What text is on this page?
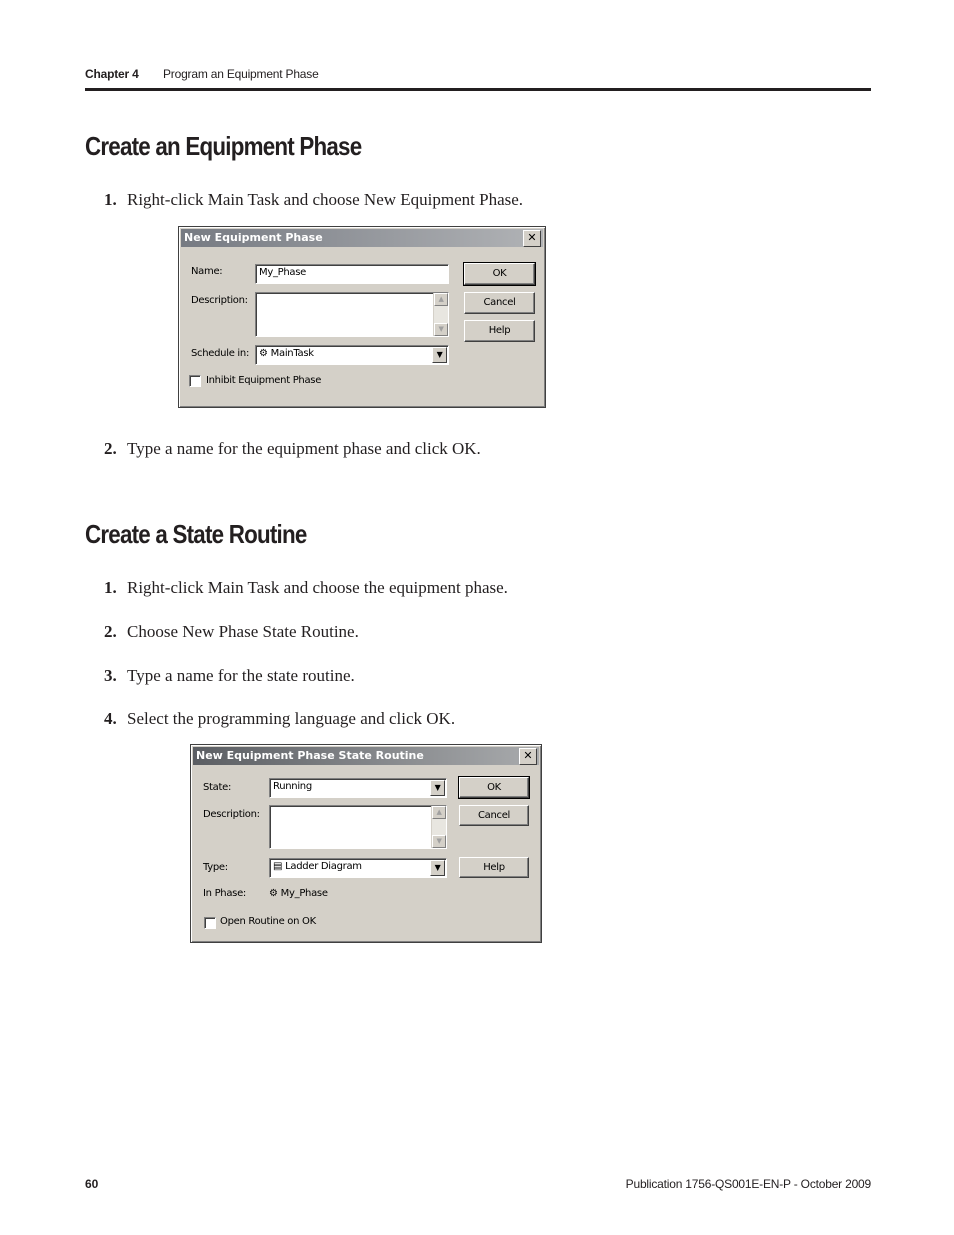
Chapter 4 Program an Equipment Phase
Create an Equipment Phase
1. Right-click Main Task and choose New Equipment Phase.
New Equipment Phase	✕
Name:	My_Phase
Description:	▲
▼
Schedule in: ⚙ MainTask	▼
Inhibit Equipment Phase
OK
Cancel
Help
2. Type a name for the equipment phase and click OK.
Create a State Routine
1. Right-click Main Task and choose the equipment phase.
2. Choose New Phase State Routine.
3. Type a name for the state routine.
4. Select the programming language and click OK.
New Equipment Phase State Routine	✕
State:	Running	▼
Description:	▲
▼
Type:	▤ Ladder Diagram	▼
In Phase: ⚙ My_Phase
Open Routine on OK
OK
Cancel
Help
60	Publication 1756-QS001E-EN-P - October 2009
